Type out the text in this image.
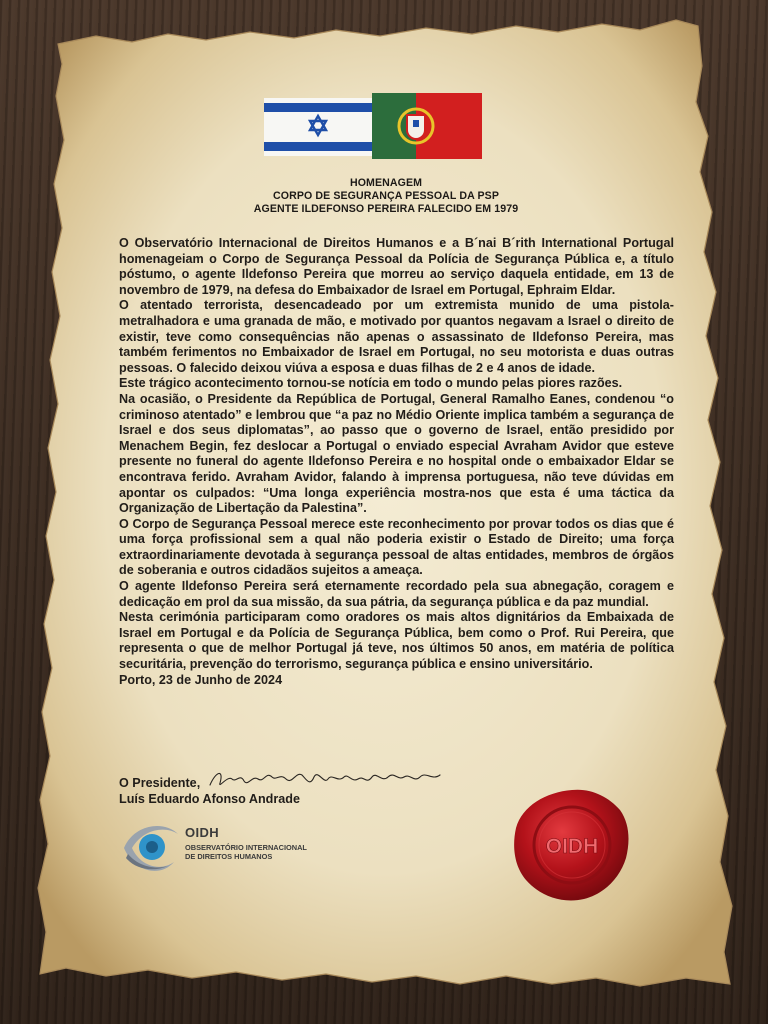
HOMENAGEM
CORPO DE SEGURANÇA PESSOAL DA PSP
AGENTE ILDEFONSO PEREIRA FALECIDO EM 1979

O Observatório Internacional de Direitos Humanos e a B´nai B´rith International Portugal homenageiam o Corpo de Segurança Pessoal da Polícia de Segurança Pública e, a título póstumo, o agente Ildefonso Pereira que morreu ao serviço daquela entidade, em 13 de novembro de 1979, na defesa do Embaixador de Israel em Portugal, Ephraim Eldar.

O atentado terrorista, desencadeado por um extremista munido de uma pistola-metralhadora e uma granada de mão, e motivado por quantos negavam a Israel o direito de existir, teve como consequências não apenas o assassinato de Ildefonso Pereira, mas também ferimentos no Embaixador de Israel em Portugal, no seu motorista e duas outras pessoas. O falecido deixou viúva a esposa e duas filhas de 2 e 4 anos de idade.

Este trágico acontecimento tornou-se notícia em todo o mundo pelas piores razões.

Na ocasião, o Presidente da República de Portugal, General Ramalho Eanes, condenou “o criminoso atentado” e lembrou que “a paz no Médio Oriente implica também a segurança de Israel e dos seus diplomatas”, ao passo que o governo de Israel, então presidido por Menachem Begin, fez deslocar a Portugal o enviado especial Avraham Avidor que esteve presente no funeral do agente Ildefonso Pereira e no hospital onde o embaixador Eldar se encontrava ferido. Avraham Avidor, falando à imprensa portuguesa, não teve dúvidas em apontar os culpados: “Uma longa experiência mostra-nos que esta é uma táctica da Organização de Libertação da Palestina”.

O Corpo de Segurança Pessoal merece este reconhecimento por provar todos os dias que é uma força profissional sem a qual não poderia existir o Estado de Direito; uma força extraordinariamente devotada à segurança pessoal de altas entidades, membros de órgãos de soberania e outros cidadãos sujeitos a ameaça.

O agente Ildefonso Pereira será eternamente recordado pela sua abnegação, coragem e dedicação em prol da sua missão, da sua pátria, da segurança pública e da paz mundial.

Nesta cerimónia participaram como oradores os mais altos dignitários da Embaixada de Israel em Portugal e da Polícia de Segurança Pública, bem como o Prof. Rui Pereira, que representa o que de melhor Portugal já teve, nos últimos 50 anos, em matéria de política securitária, prevenção do terrorismo, segurança pública e ensino universitário.

Porto, 23 de Junho de 2024

O Presidente,
Luís Eduardo Afonso Andrade
OIDH
OBSERVATÓRIO INTERNACIONAL
DE DIREITOS HUMANOS	OIDH
